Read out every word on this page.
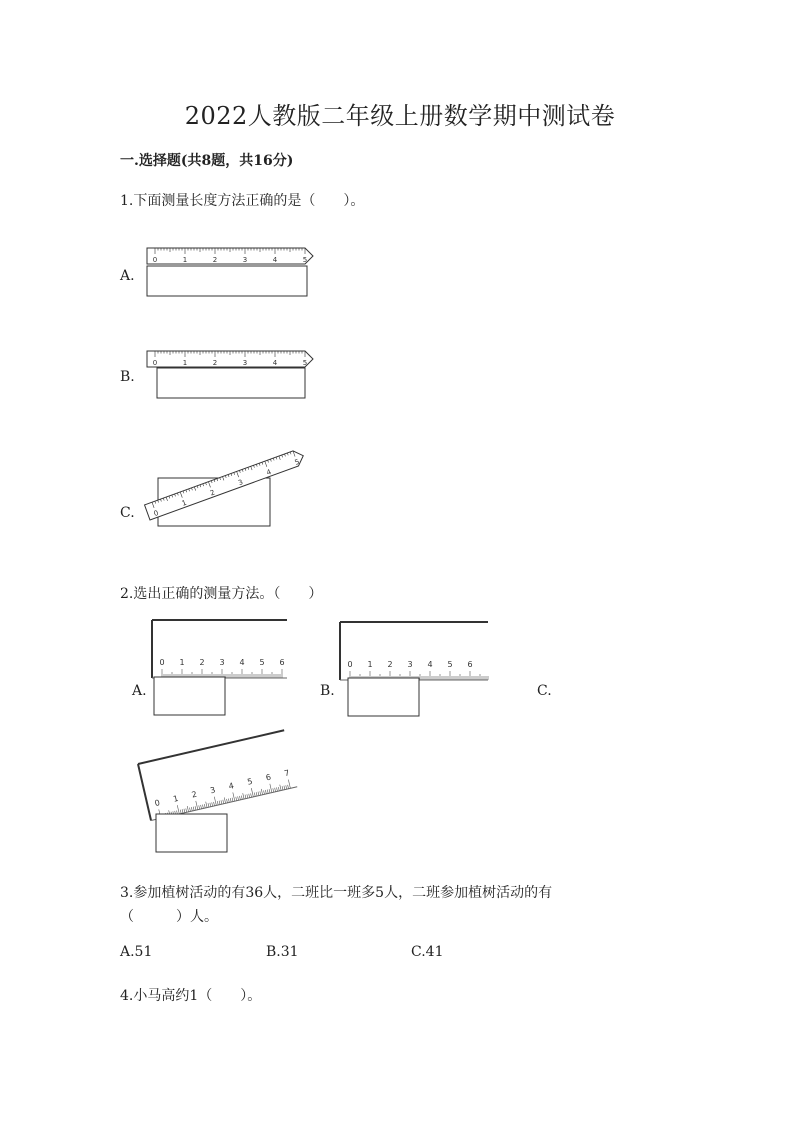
2022人教版二年级上册数学期中测试卷
一.选择题(共8题，共16分)
1.下面测量长度方法正确的是（　　）。
A.
0	1	2	3	4	5
B.
0	1	2	3	4	5
C.	0
1
2
3
4
5
2.选出正确的测量方法。（　　）
A.
0 1 2 3 4 5 6
B.
0 1 2 3 4 5 6
C.
0 1 2 3 4 5 6 7
3.参加植树活动的有36人，二班比一班多5人，二班参加植树活动的有
（　　　）人。
A.51	B.31	C.41
4.小马高约1（　　）。
